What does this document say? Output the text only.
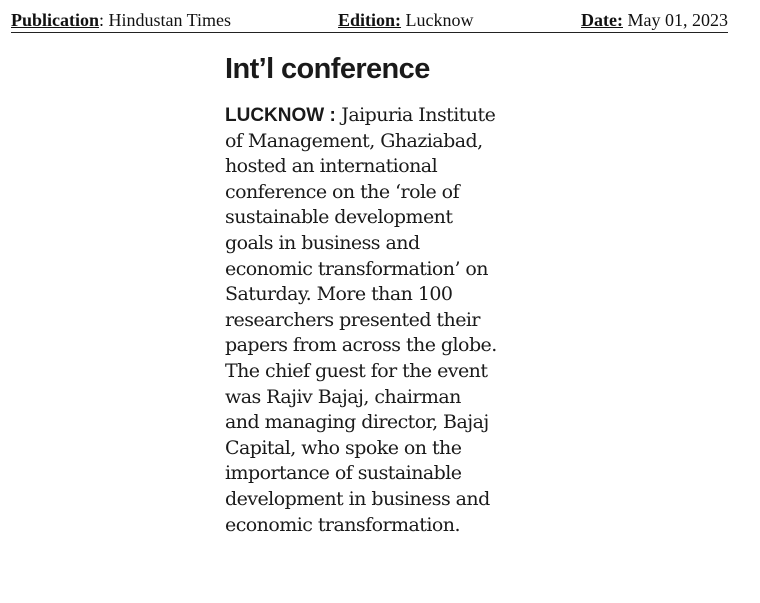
Publication: Hindustan Times	Edition: Lucknow	Date: May 01, 2023
Int’l conference
LUCKNOW : Jaipuria Institute
of Management, Ghaziabad,
hosted an international
conference on the ‘role of
sustainable development
goals in business and
economic transformation’ on
Saturday. More than 100
researchers presented their
papers from across the globe.
The chief guest for the event
was Rajiv Bajaj, chairman
and managing director, Bajaj
Capital, who spoke on the
importance of sustainable
development in business and
economic transformation.
